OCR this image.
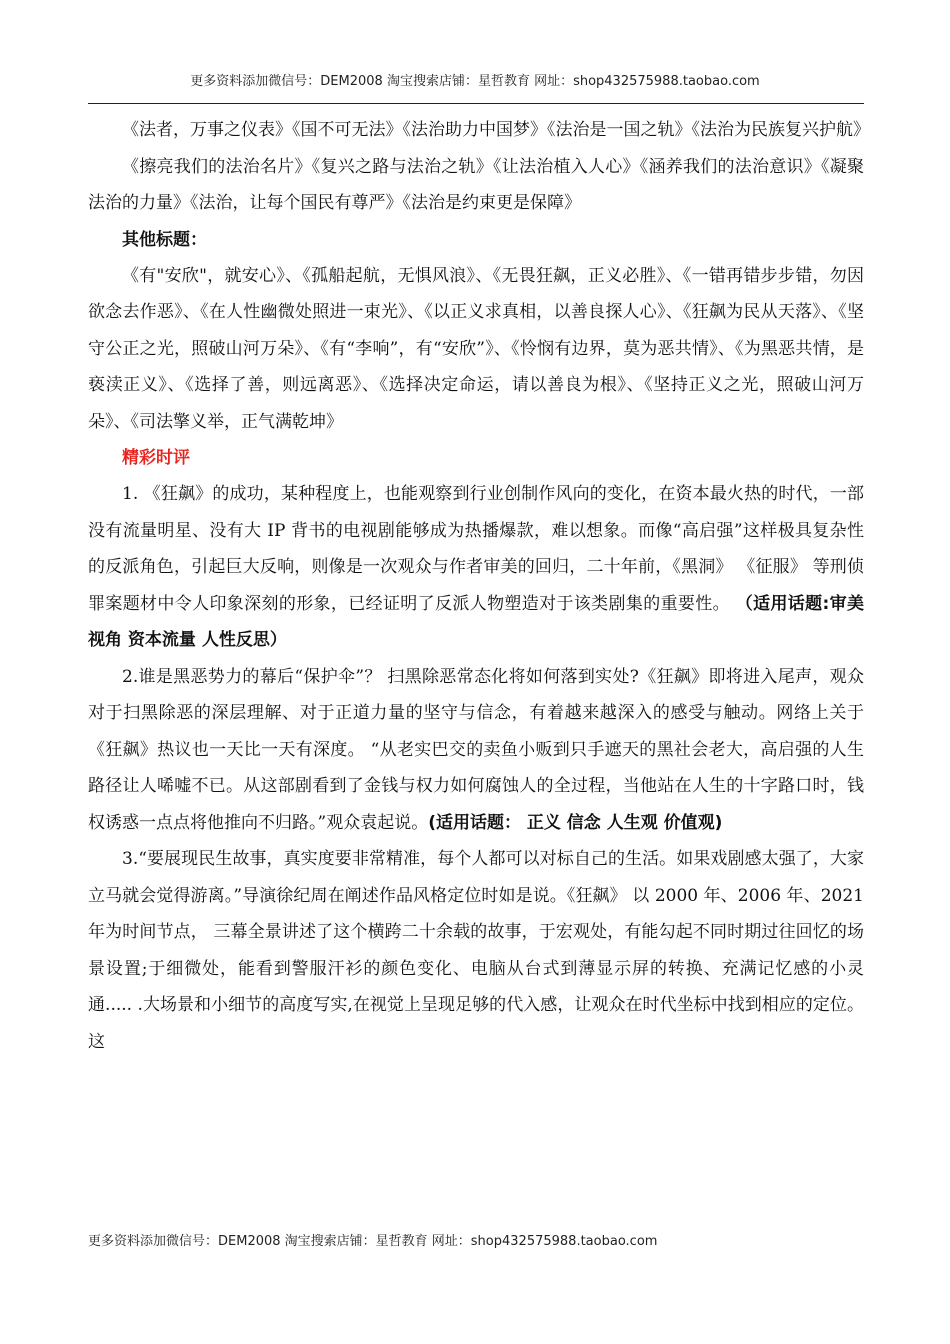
更多资料添加微信号：DEM2008 淘宝搜索店铺：星哲教育 网址：shop432575988.taobao.com

《法者，万事之仪表》《国不可无法》《法治助力中国梦》《法治是一国之轨》《法治为民族复兴护航》

《擦亮我们的法治名片》《复兴之路与法治之轨》《让法治植入人心》《涵养我们的法治意识》《凝聚法治的力量》《法治，让每个国民有尊严》《法治是约束更是保障》

其他标题：

《有"安欣"，就安心》、《孤船起航，无惧风浪》、《无畏狂飙，正义必胜》、《一错再错步步错，勿因欲念去作恶》、《在人性幽微处照进一束光》、《以正义求真相，以善良探人心》、《狂飙为民从天落》、《坚守公正之光，照破山河万朵》、《有“李响”，有“安欣”》、《怜悯有边界，莫为恶共情》、《为黑恶共情，是亵渎正义》、《选择了善，则远离恶》、《选择决定命运，请以善良为根》、《坚持正义之光，照破山河万朵》、《司法擎义举，正气满乾坤》

精彩时评

1. 《狂飙》的成功，某种程度上，也能观察到行业创制作风向的变化，在资本最火热的时代，一部没有流量明星、没有大 IP 背书的电视剧能够成为热播爆款，难以想象。而像“高启强”这样极具复杂性的反派角色，引起巨大反响，则像是一次观众与作者审美的回归，二十年前，《黑洞》 《征服》 等刑侦罪案题材中令人印象深刻的形象，已经证明了反派人物塑造对于该类剧集的重要性。 （适用话题:审美视角 资本流量 人性反思）

2.谁是黑恶势力的幕后“保护伞”？ 扫黑除恶常态化将如何落到实处?《狂飙》即将进入尾声，观众对于扫黑除恶的深层理解、对于正道力量的坚守与信念，有着越来越深入的感受与触动。网络上关于《狂飙》热议也一天比一天有深度。 “从老实巴交的卖鱼小贩到只手遮天的黑社会老大，高启强的人生路径让人唏嘘不已。从这部剧看到了金钱与权力如何腐蚀人的全过程，当他站在人生的十字路口时，钱权诱惑一点点将他推向不归路。”观众袁起说。(适用话题： 正义 信念 人生观 价值观)

3.“要展现民生故事，真实度要非常精准，每个人都可以对标自己的生活。如果戏剧感太强了，大家立马就会觉得游离。”导演徐纪周在阐述作品风格定位时如是说。《狂飙》 以 2000 年、2006 年、2021 年为时间节点， 三幕全景讲述了这个横跨二十余载的故事，于宏观处，有能勾起不同时期过往回忆的场景设置;于细微处，能看到警服汗衫的颜色变化、电脑从台式到薄显示屏的转换、充满记忆感的小灵通..... .大场景和小细节的高度写实,在视觉上呈现足够的代入感，让观众在时代坐标中找到相应的定位。这

更多资料添加微信号：DEM2008 淘宝搜索店铺：星哲教育 网址：shop432575988.taobao.com
